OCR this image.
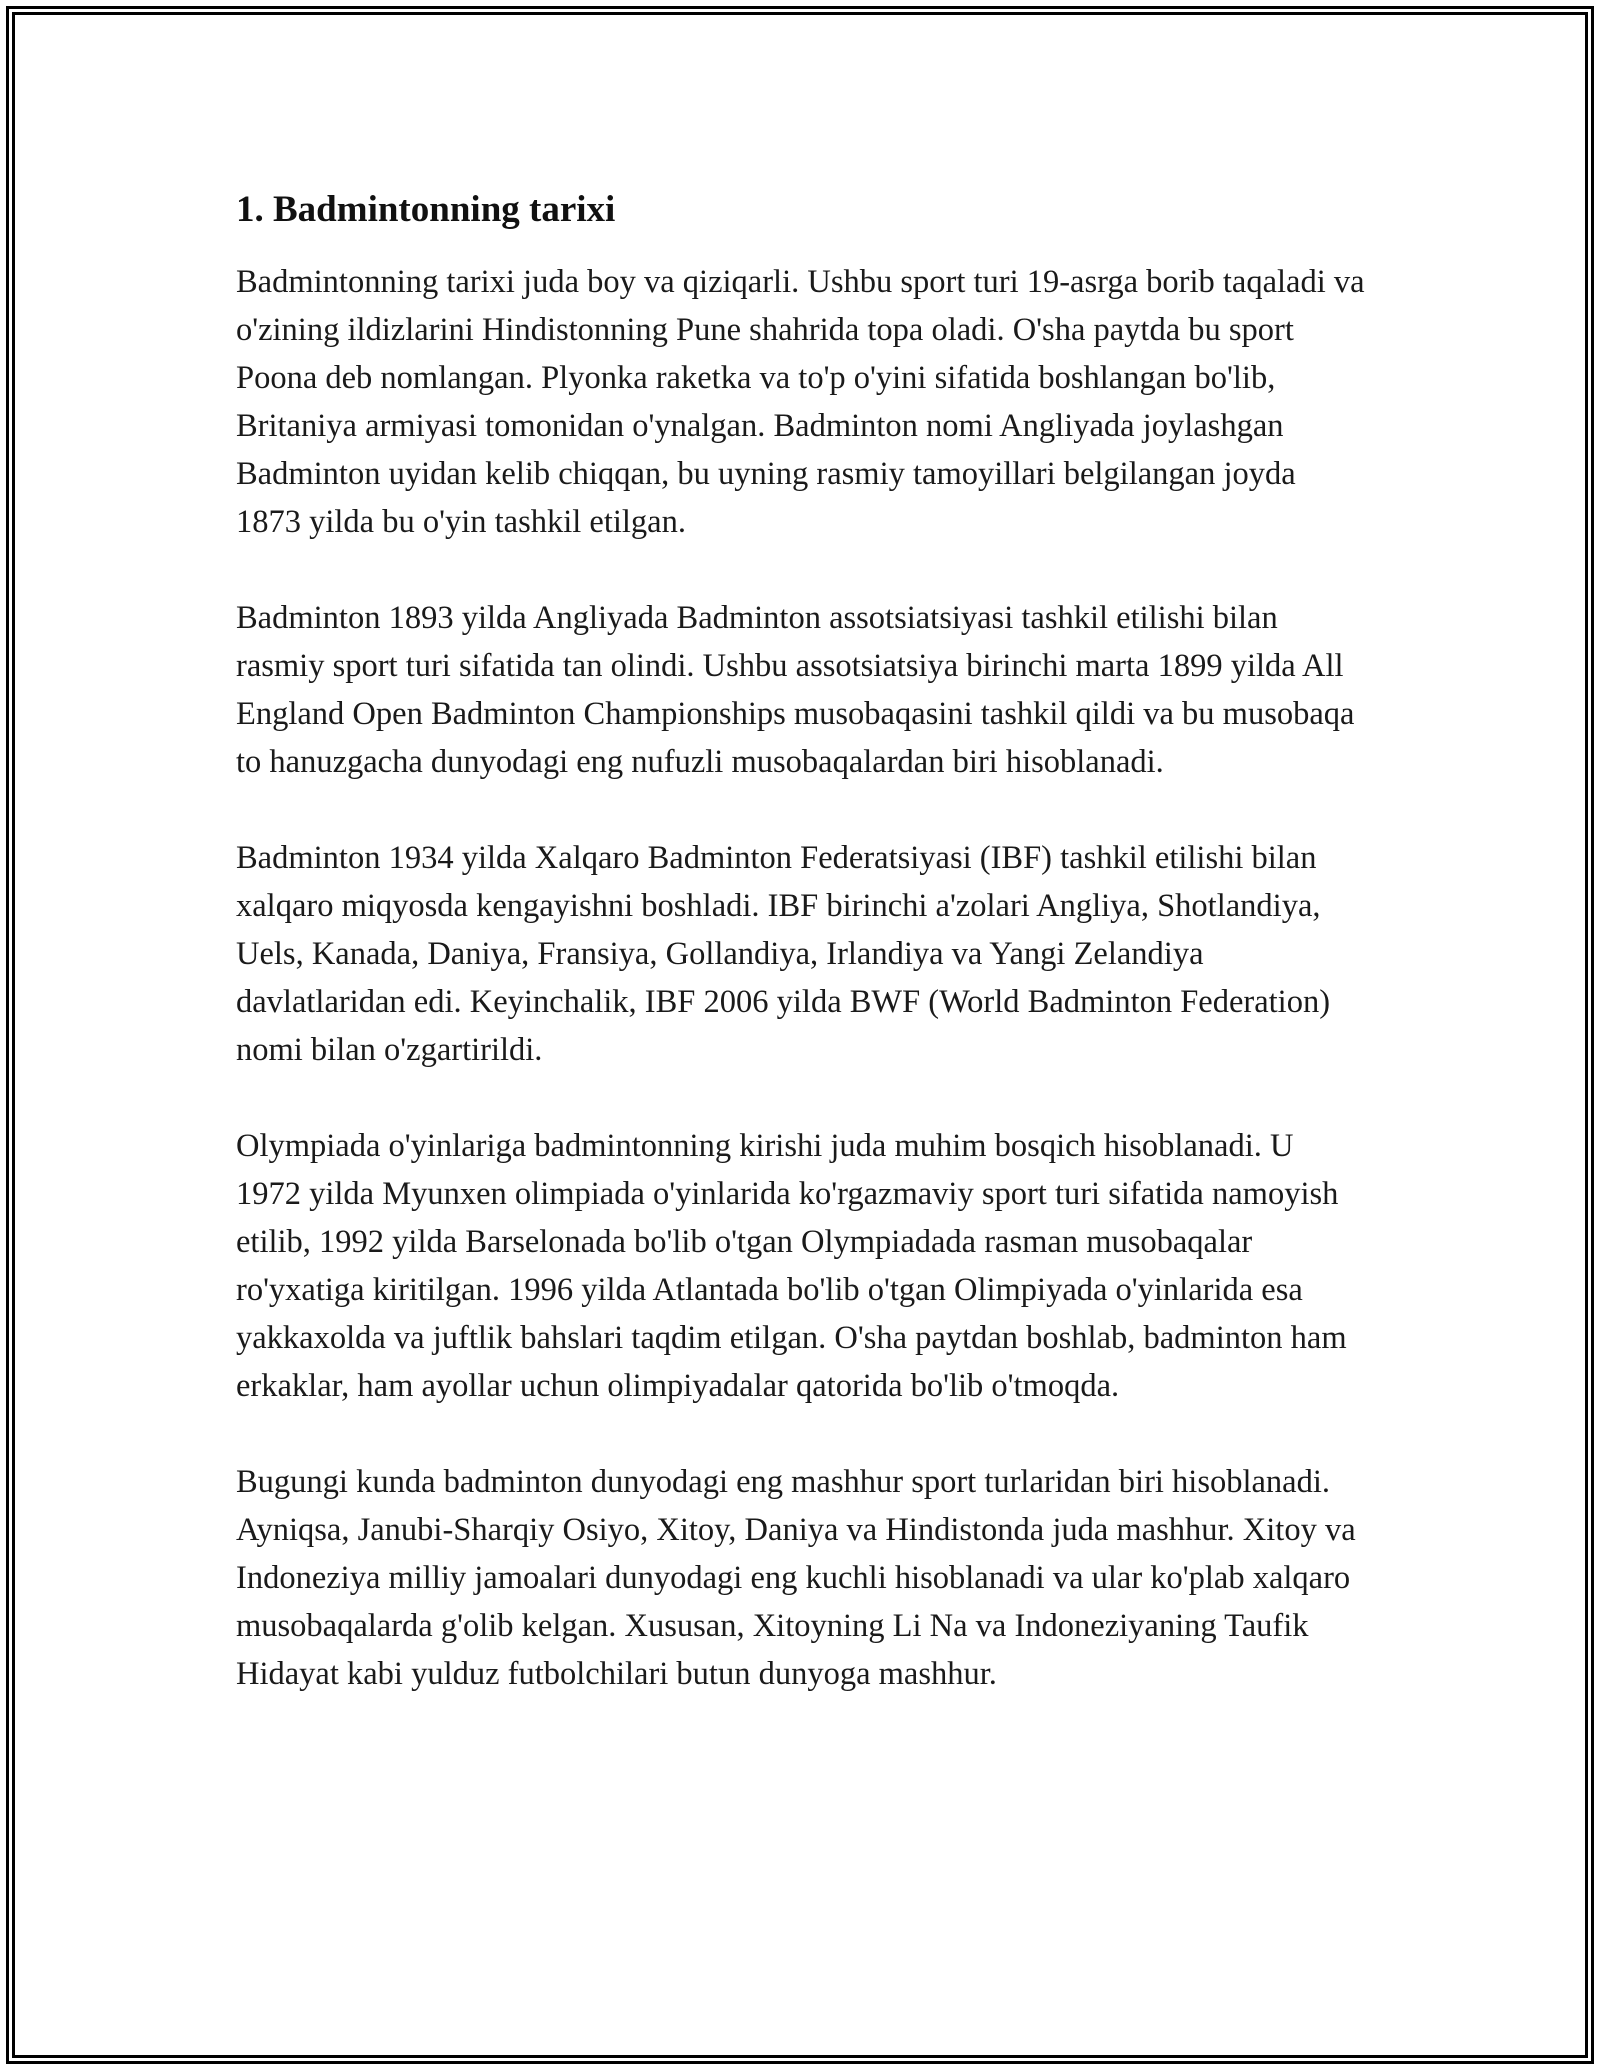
1. Badmintonning tarixi

Badmintonning tarixi juda boy va qiziqarli. Ushbu sport turi 19-asrga borib taqaladi va o'zining ildizlarini Hindistonning Pune shahrida topa oladi. O'sha paytda bu sport Poona deb nomlangan. Plyonka raketka va to'p o'yini sifatida boshlangan bo'lib, Britaniya armiyasi tomonidan o'ynalgan. Badminton nomi Angliyada joylashgan Badminton uyidan kelib chiqqan, bu uyning rasmiy tamoyillari belgilangan joyda 1873 yilda bu o'yin tashkil etilgan.

Badminton 1893 yilda Angliyada Badminton assotsiatsiyasi tashkil etilishi bilan rasmiy sport turi sifatida tan olindi. Ushbu assotsiatsiya birinchi marta 1899 yilda All England Open Badminton Championships musobaqasini tashkil qildi va bu musobaqa to hanuzgacha dunyodagi eng nufuzli musobaqalardan biri hisoblanadi.

Badminton 1934 yilda Xalqaro Badminton Federatsiyasi (IBF) tashkil etilishi bilan xalqaro miqyosda kengayishni boshladi. IBF birinchi a'zolari Angliya, Shotlandiya, Uels, Kanada, Daniya, Fransiya, Gollandiya, Irlandiya va Yangi Zelandiya davlatlaridan edi. Keyinchalik, IBF 2006 yilda BWF (World Badminton Federation) nomi bilan o'zgartirildi.

Olympiada o'yinlariga badmintonning kirishi juda muhim bosqich hisoblanadi. U 1972 yilda Myunxen olimpiada o'yinlarida ko'rgazmaviy sport turi sifatida namoyish etilib, 1992 yilda Barselonada bo'lib o'tgan Olympiadada rasman musobaqalar ro'yxatiga kiritilgan. 1996 yilda Atlantada bo'lib o'tgan Olimpiyada o'yinlarida esa yakkaxolda va juftlik bahslari taqdim etilgan. O'sha paytdan boshlab, badminton ham erkaklar, ham ayollar uchun olimpiyadalar qatorida bo'lib o'tmoqda.

Bugungi kunda badminton dunyodagi eng mashhur sport turlaridan biri hisoblanadi. Ayniqsa, Janubi-Sharqiy Osiyo, Xitoy, Daniya va Hindistonda juda mashhur. Xitoy va Indoneziya milliy jamoalari dunyodagi eng kuchli hisoblanadi va ular ko'plab xalqaro musobaqalarda g'olib kelgan. Xususan, Xitoyning Li Na va Indoneziyaning Taufik Hidayat kabi yulduz futbolchilari butun dunyoga mashhur.
